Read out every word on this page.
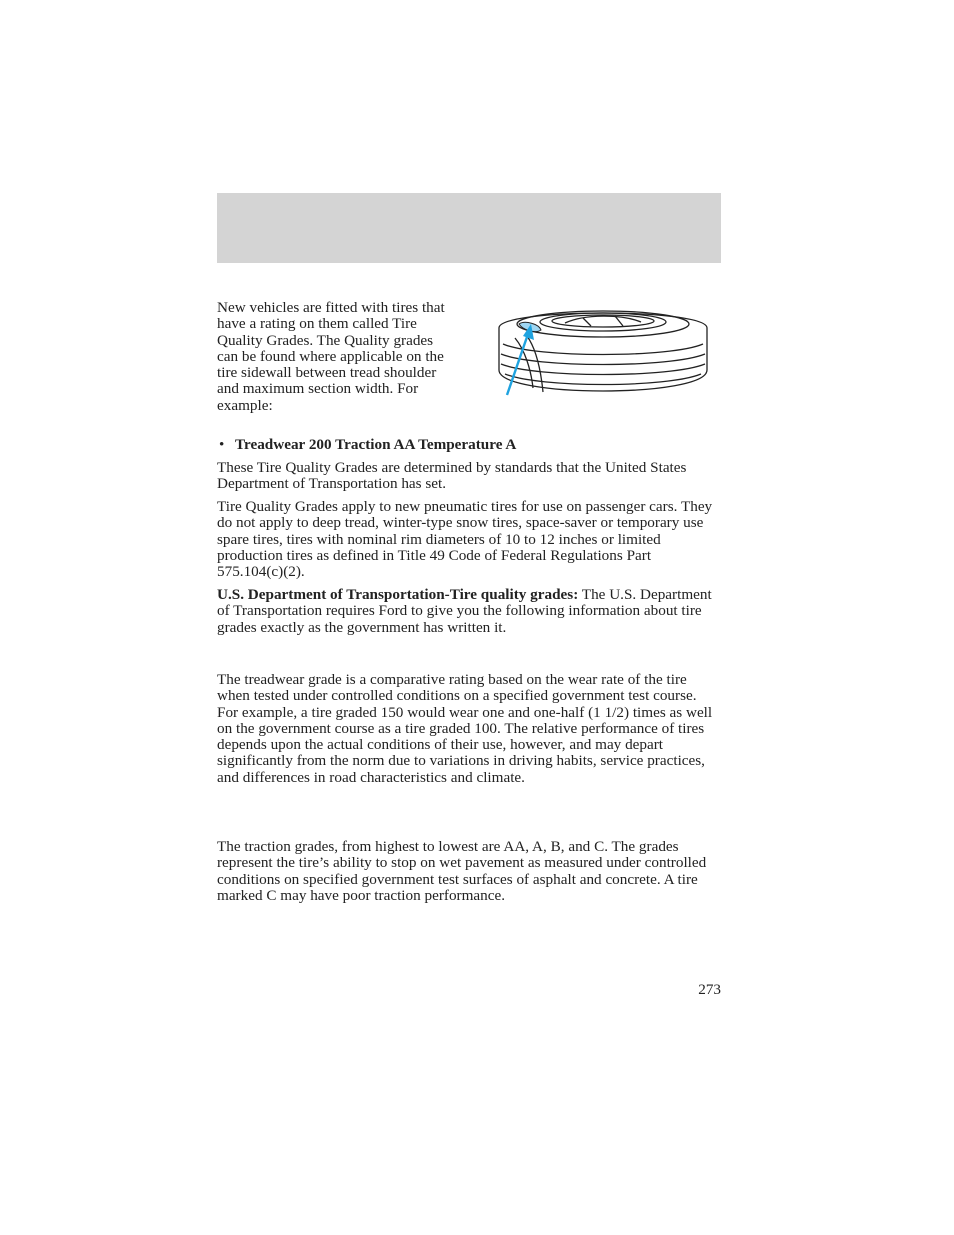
New vehicles are fitted with tires that have a rating on them called Tire Quality Grades. The Quality grades can be found where applicable on the tire sidewall between tread shoulder and maximum section width. For example:

• Treadwear 200 Traction AA Temperature A

These Tire Quality Grades are determined by standards that the United States Department of Transportation has set.

Tire Quality Grades apply to new pneumatic tires for use on passenger cars. They do not apply to deep tread, winter-type snow tires, space-saver or temporary use spare tires, tires with nominal rim diameters of 10 to 12 inches or limited production tires as defined in Title 49 Code of Federal Regulations Part 575.104(c)(2).

U.S. Department of Transportation-Tire quality grades: The U.S. Department of Transportation requires Ford to give you the following information about tire grades exactly as the government has written it.

The treadwear grade is a comparative rating based on the wear rate of the tire when tested under controlled conditions on a specified government test course. For example, a tire graded 150 would wear one and one-half (1 1/2) times as well on the government course as a tire graded 100. The relative performance of tires depends upon the actual conditions of their use, however, and may depart significantly from the norm due to variations in driving habits, service practices, and differences in road characteristics and climate.

The traction grades, from highest to lowest are AA, A, B, and C. The grades represent the tire’s ability to stop on wet pavement as measured under controlled conditions on specified government test surfaces of asphalt and concrete. A tire marked C may have poor traction performance.

273
